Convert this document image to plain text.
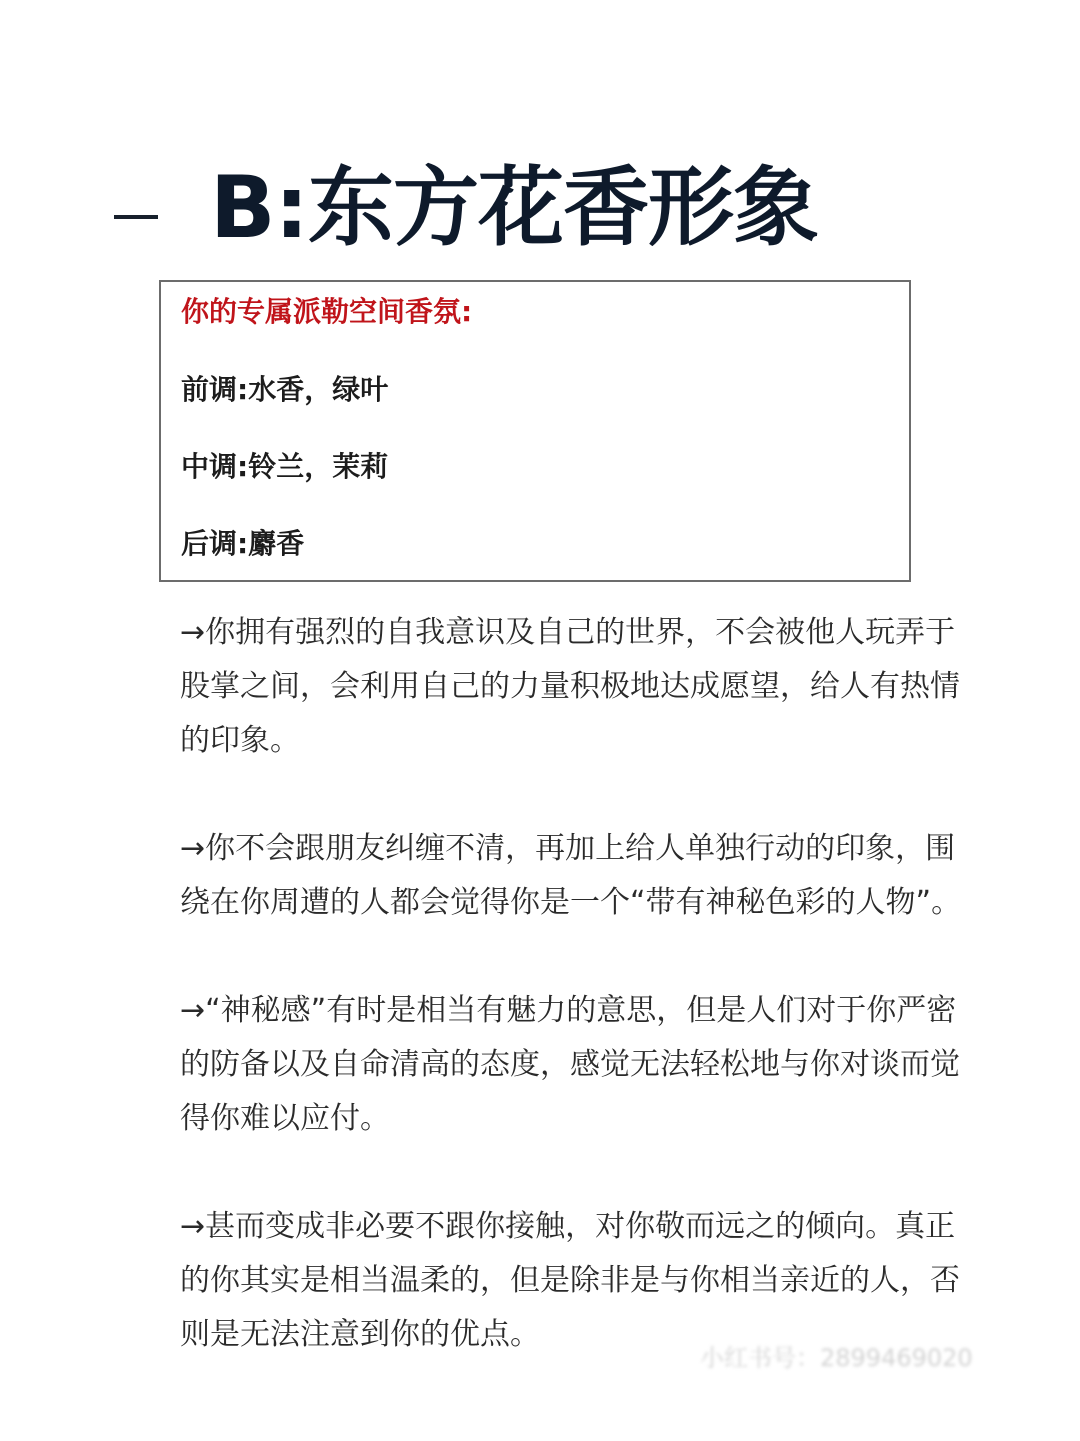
B:东方花香形象
你的专属派勒空间香氛:
前调:水香，绿叶
中调:铃兰，茉莉
后调:麝香

→你拥有强烈的自我意识及自己的世界，不会被他人玩弄于股掌之间，会利用自己的力量积极地达成愿望，给人有热情的印象。

→你不会跟朋友纠缠不清，再加上给人单独行动的印象，围绕在你周遭的人都会觉得你是一个“带有神秘色彩的人物”。

→“神秘感”有时是相当有魅力的意思，但是人们对于你严密的防备以及自命清高的态度，感觉无法轻松地与你对谈而觉得你难以应付。

→甚而变成非必要不跟你接触，对你敬而远之的倾向。真正的你其实是相当温柔的，但是除非是与你相当亲近的人，否则是无法注意到你的优点。

小红书号：2899469020
